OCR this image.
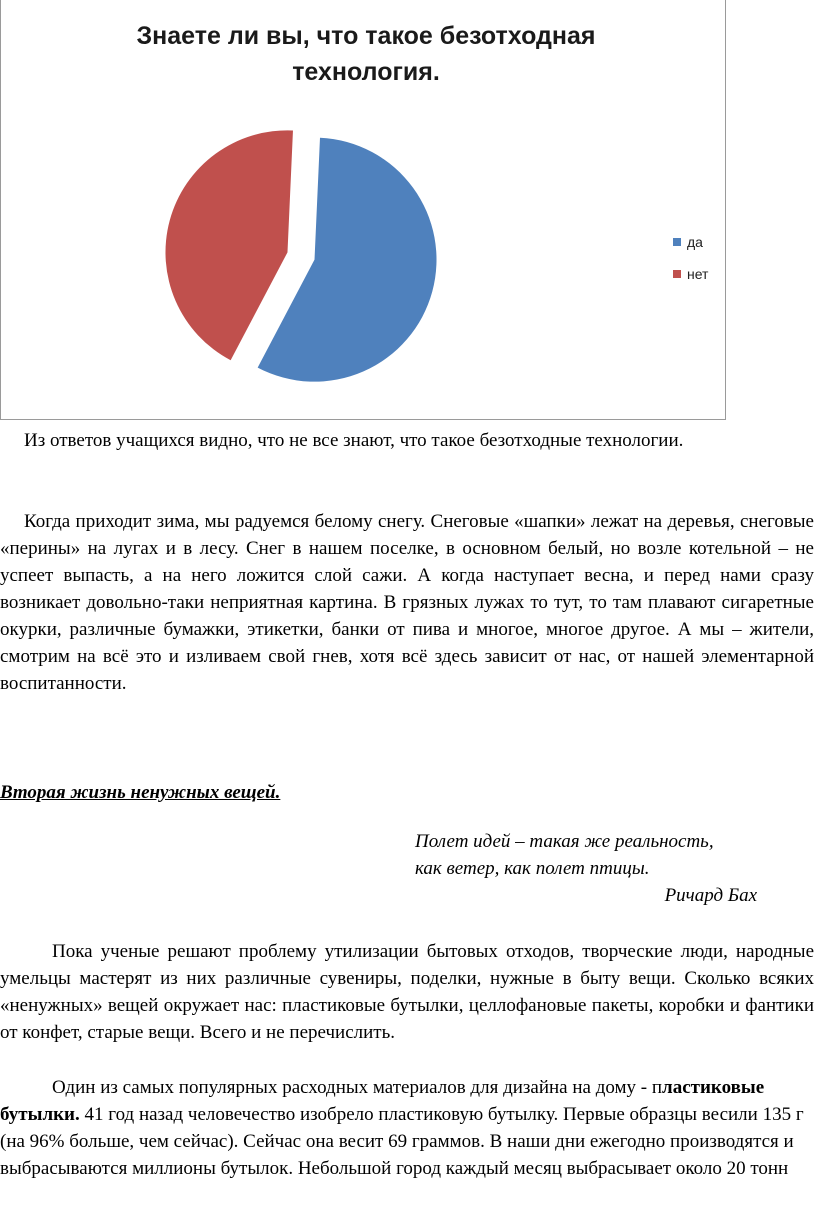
Знаете ли вы, что такое безотходная технология.
да
нет

Из ответов учащихся видно, что не все знают, что такое безотходные технологии.

Когда приходит зима, мы радуемся белому снегу. Снеговые «шапки» лежат на деревья, снеговые «перины» на лугах и в лесу. Снег в нашем поселке, в основном белый, но возле котельной – не успеет выпасть, а на него ложится слой сажи. А когда наступает весна, и перед нами сразу возникает довольно-таки неприятная картина. В грязных лужах то тут, то там плавают сигаретные окурки, различные бумажки, этикетки, банки от пива и многое, многое другое. А мы – жители, смотрим на всё это и изливаем свой гнев, хотя всё здесь зависит от нас, от нашей элементарной воспитанности.

Вторая жизнь ненужных вещей.

Полет идей – такая же реальность,
как ветер, как полет птицы.
Ричард Бах

Пока ученые решают проблему утилизации бытовых отходов, творческие люди, народные умельцы мастерят из них различные сувениры, поделки, нужные в быту вещи. Сколько всяких «ненужных» вещей окружает нас: пластиковые бутылки, целлофановые пакеты, коробки и фантики от конфет, старые вещи. Всего и не перечислить.

Один из самых популярных расходных материалов для дизайна на дому - пластиковые бутылки. 41 год назад человечество изобрело пластиковую бутылку. Первые образцы весили 135 г (на 96% больше, чем сейчас). Сейчас она весит 69 граммов. В наши дни ежегодно производятся и выбрасываются миллионы бутылок. Небольшой город каждый месяц выбрасывает около 20 тонн
